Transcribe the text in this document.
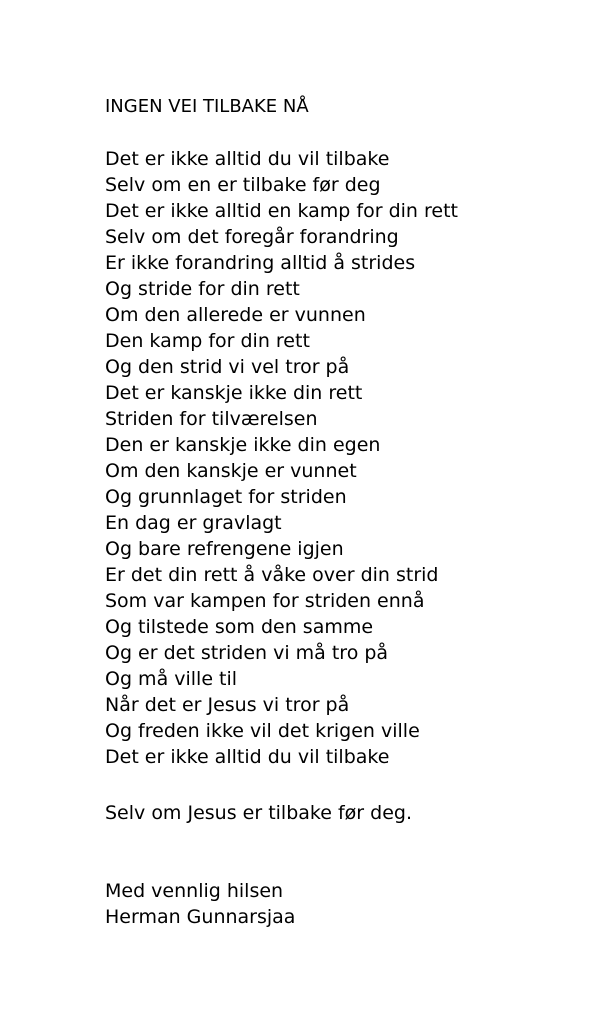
INGEN VEI TILBAKE NÅ
Det er ikke alltid du vil tilbake
Selv om en er tilbake før deg
Det er ikke alltid en kamp for din rett
Selv om det foregår forandring
Er ikke forandring alltid å strides
Og stride for din rett
Om den allerede er vunnen
Den kamp for din rett
Og den strid vi vel tror på
Det er kanskje ikke din rett
Striden for tilværelsen
Den er kanskje ikke din egen
Om den kanskje er vunnet
Og grunnlaget for striden
En dag er gravlagt
Og bare refrengene igjen
Er det din rett å våke over din strid
Som var kampen for striden ennå
Og tilstede som den samme
Og er det striden vi må tro på
Og må ville til
Når det er Jesus vi tror på
Og freden ikke vil det krigen ville
Det er ikke alltid du vil tilbake
Selv om Jesus er tilbake før deg.
Med vennlig hilsen
Herman Gunnarsjaa
